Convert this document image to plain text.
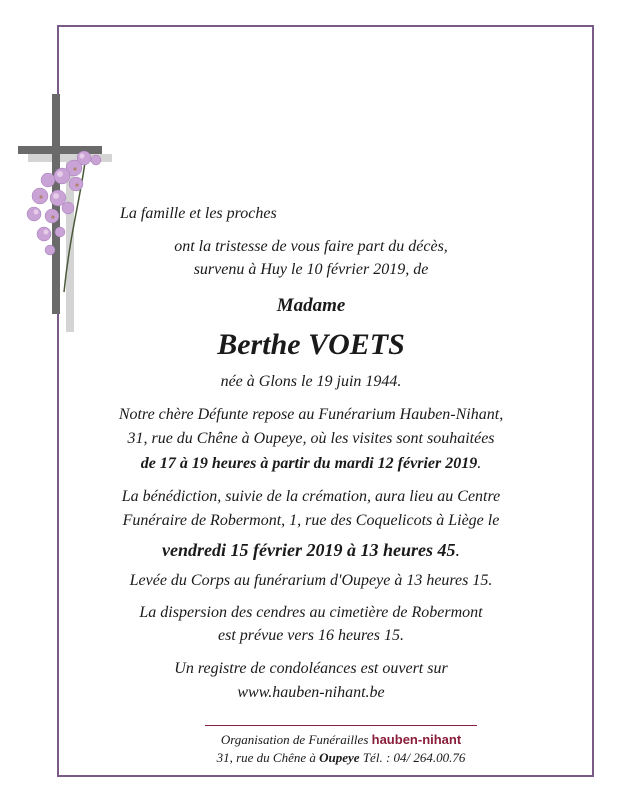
La famille et les proches
ont la tristesse de vous faire part du décès,
survenu à Huy le 10 février 2019, de
Madame
Berthe VOETS
née à Glons le 19 juin 1944.
Notre chère Défunte repose au Funérarium Hauben-Nihant,
31, rue du Chêne à Oupeye, où les visites sont souhaitées
de 17 à 19 heures à partir du mardi 12 février 2019.
La bénédiction, suivie de la crémation, aura lieu au Centre
Funéraire de Robermont, 1, rue des Coquelicots à Liège le
vendredi 15 février 2019 à 13 heures 45.
Levée du Corps au funérarium d'Oupeye à 13 heures 15.
La dispersion des cendres au cimetière de Robermont
est prévue vers 16 heures 15.
Un registre de condoléances est ouvert sur
www.hauben-nihant.be
Organisation de Funérailles hauben-nihant
31, rue du Chêne à Oupeye Tél. : 04/ 264.00.76
